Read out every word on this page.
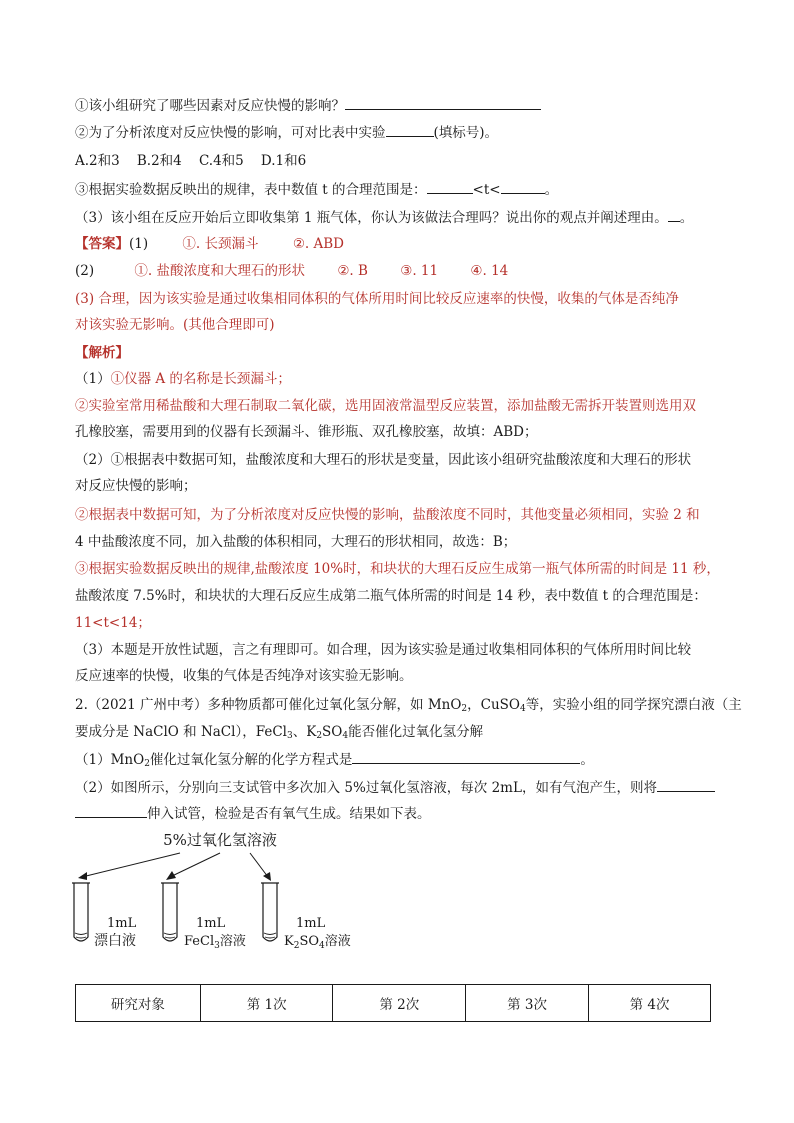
①该小组研究了哪些因素对反应快慢的影响？
②为了分析浓度对反应快慢的影响，可对比表中实验	(填标号)。
A.2和3    B.2和4    C.4和5    D.1和6
③根据实验数据反映出的规律，表中数值 t 的合理范围是：	<t<	。
（3）该小组在反应开始后立即收集第 1 瓶气体，你认为该做法合理吗？说出你的观点并阐述理由。 。
【答案】(1)	①. 长颈漏斗	②. ABD
(2)	①. 盐酸浓度和大理石的形状 ②. B ③. 11 ④. 14
(3) 合理，因为该实验是通过收集相同体积的气体所用时间比较反应速率的快慢，收集的气体是否纯净
对该实验无影响。(其他合理即可)
【解析】
（1）①仪器 A 的名称是长颈漏斗；
②实验室常用稀盐酸和大理石制取二氧化碳，选用固液常温型反应装置，添加盐酸无需拆开装置则选用双
孔橡胶塞，需要用到的仪器有长颈漏斗、锥形瓶、双孔橡胶塞，故填：ABD；
（2）①根据表中数据可知，盐酸浓度和大理石的形状是变量，因此该小组研究盐酸浓度和大理石的形状
对反应快慢的影响；
②根据表中数据可知，为了分析浓度对反应快慢的影响，盐酸浓度不同时，其他变量必须相同，实验 2 和
4 中盐酸浓度不同，加入盐酸的体积相同，大理石的形状相同，故选：B；
③根据实验数据反映出的规律,盐酸浓度 10%时，和块状的大理石反应生成第一瓶气体所需的时间是 11 秒，
盐酸浓度 7.5%时，和块状的大理石反应生成第二瓶气体所需的时间是 14 秒，表中数值 t 的合理范围是：
11<t<14；
（3）本题是开放性试题，言之有理即可。如合理，因为该实验是通过收集相同体积的气体所用时间比较
反应速率的快慢，收集的气体是否纯净对该实验无影响。
2.（2021 广州中考）多种物质都可催化过氧化氢分解，如 MnO$_2$，CuSO$_4$等，实验小组的同学探究漂白液（主
要成分是 NaClO 和 NaCl），FeCl$_3$、$K_2SO_4$能否催化过氧化氢分解
（1）MnO$_2$催化过氧化氢分解的化学方程式是	。
（2）如图所示，分别向三支试管中多次加入 5%过氧化氢溶液，每次 2mL，如有气泡产生，则将
伸入试管，检验是否有氧气生成。结果如下表。
5%过氧化氢溶液
1mL
漂白液
1mL
FeCl$_3$溶液
1mL
$K_2SO_4$溶液
研究对象	第 1次	第 2次	第 3次	第 4次
